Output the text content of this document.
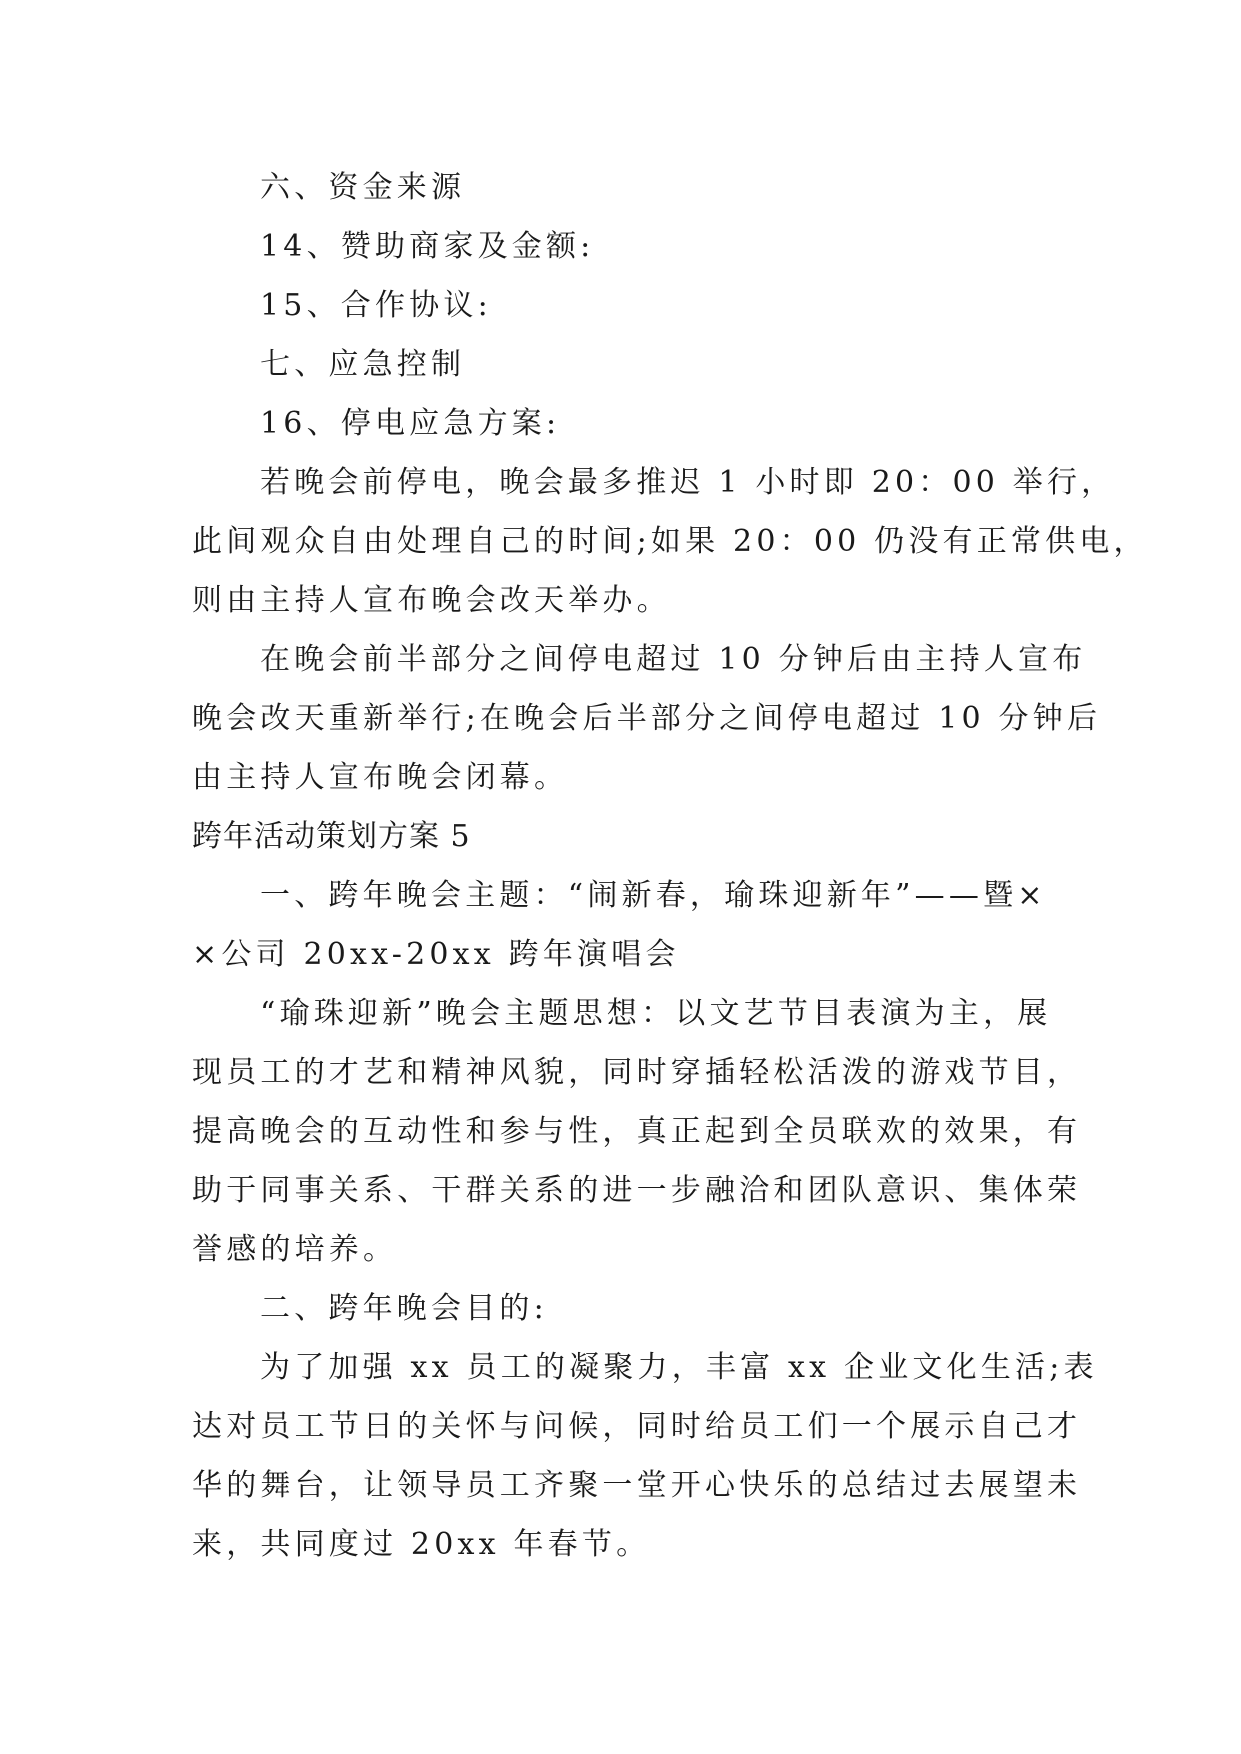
六、资金来源
14、赞助商家及金额:
15、合作协议:
七、应急控制
16、停电应急方案:
若晚会前停电，晚会最多推迟 1 小时即 20：00 举行，
此间观众自由处理自己的时间;如果 20：00 仍没有正常供电，
则由主持人宣布晚会改天举办。
在晚会前半部分之间停电超过 10 分钟后由主持人宣布
晚会改天重新举行;在晚会后半部分之间停电超过 10 分钟后
由主持人宣布晚会闭幕。
跨年活动策划方案 5
一、跨年晚会主题：“闹新春，瑜珠迎新年”——暨×
×公司 20xx-20xx 跨年演唱会
“瑜珠迎新”晚会主题思想：以文艺节目表演为主，展
现员工的才艺和精神风貌，同时穿插轻松活泼的游戏节目，
提高晚会的互动性和参与性，真正起到全员联欢的效果，有
助于同事关系、干群关系的进一步融洽和团队意识、集体荣
誉感的培养。
二、跨年晚会目的:
为了加强 xx 员工的凝聚力，丰富 xx 企业文化生活;表
达对员工节日的关怀与问候，同时给员工们一个展示自己才
华的舞台，让领导员工齐聚一堂开心快乐的总结过去展望未
来，共同度过 20xx 年春节。
